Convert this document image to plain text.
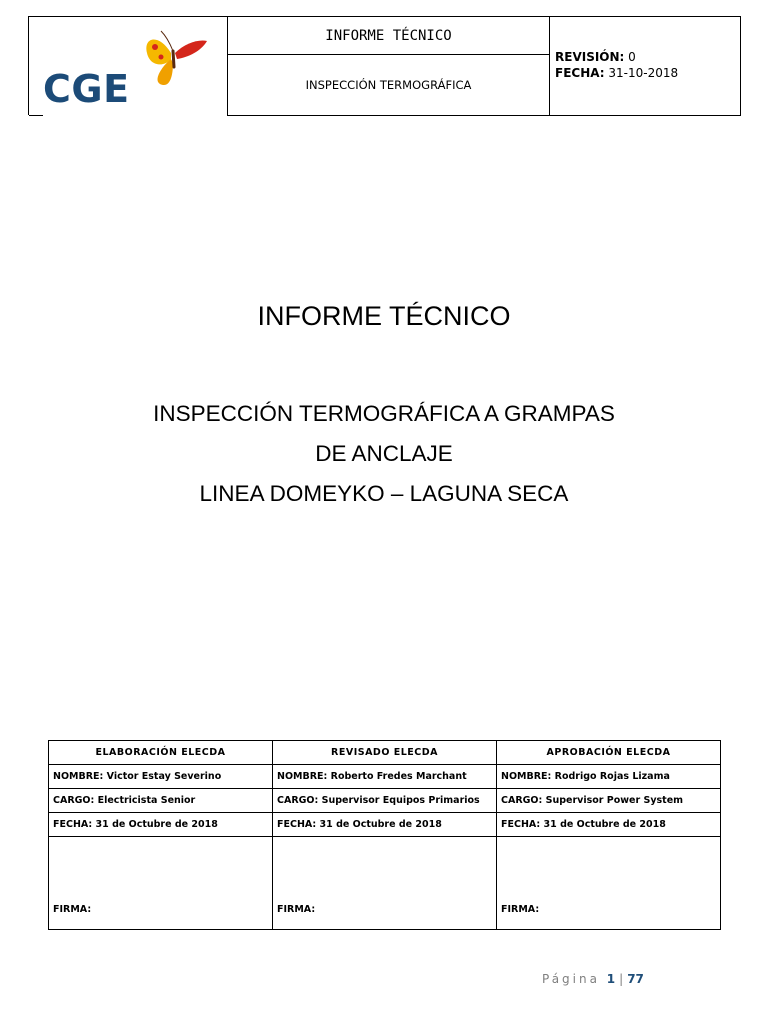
CGE
INFORME TÉCNICO
INSPECCIÓN TERMOGRÁFICA
REVISIÓN: 0
FECHA: 31-10-2018
INFORME TÉCNICO
INSPECCIÓN TERMOGRÁFICA A GRAMPAS
DE ANCLAJE
LINEA DOMEYKO – LAGUNA SECA
ELABORACIÓN ELECDA	REVISADO ELECDA	APROBACIÓN ELECDA
NOMBRE: Victor Estay Severino	NOMBRE: Roberto Fredes Marchant	NOMBRE: Rodrigo Rojas Lizama
CARGO: Electricista Senior	CARGO: Supervisor Equipos Primarios	CARGO: Supervisor Power System
FECHA: 31 de Octubre de 2018	FECHA: 31 de Octubre de 2018	FECHA: 31 de Octubre de 2018
FIRMA:	FIRMA:	FIRMA:
Página 1 | 77
